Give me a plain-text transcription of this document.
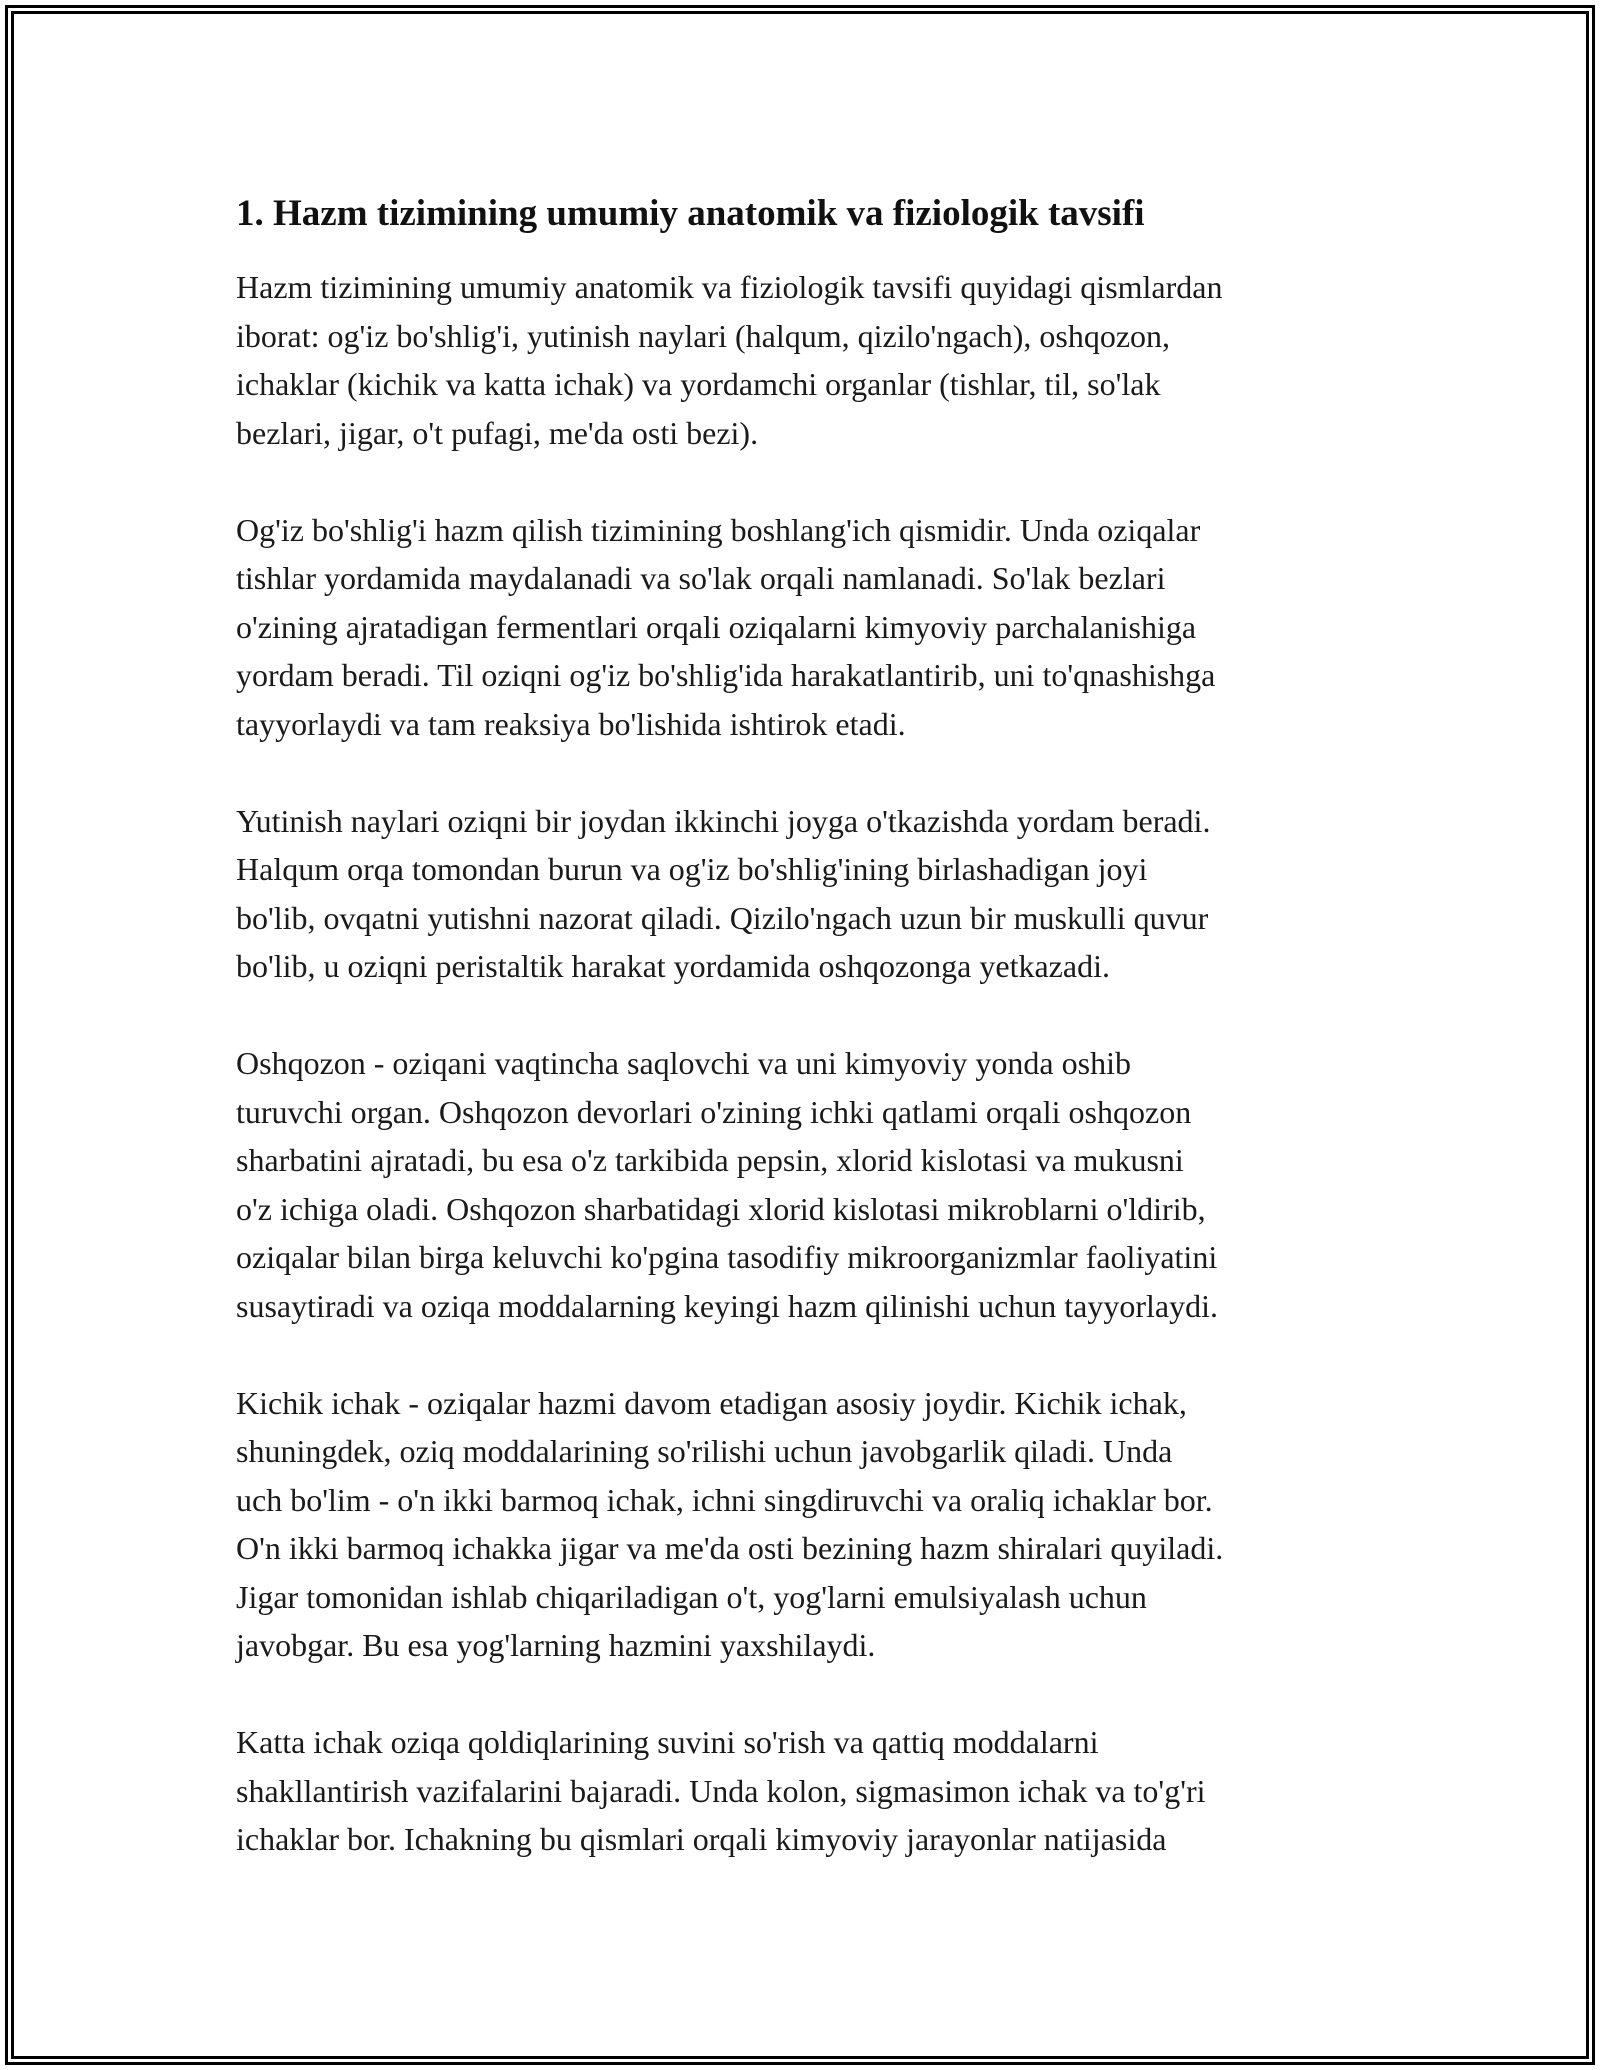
1. Hazm tizimining umumiy anatomik va fiziologik tavsifi
Hazm tizimining umumiy anatomik va fiziologik tavsifi quyidagi qismlardan
iborat: og'iz bo'shlig'i, yutinish naylari (halqum, qizilo'ngach), oshqozon,
ichaklar (kichik va katta ichak) va yordamchi organlar (tishlar, til, so'lak
bezlari, jigar, o't pufagi, me'da osti bezi).
Og'iz bo'shlig'i hazm qilish tizimining boshlang'ich qismidir. Unda oziqalar
tishlar yordamida maydalanadi va so'lak orqali namlanadi. So'lak bezlari
o'zining ajratadigan fermentlari orqali oziqalarni kimyoviy parchalanishiga
yordam beradi. Til oziqni og'iz bo'shlig'ida harakatlantirib, uni to'qnashishga
tayyorlaydi va tam reaksiya bo'lishida ishtirok etadi.
Yutinish naylari oziqni bir joydan ikkinchi joyga o'tkazishda yordam beradi.
Halqum orqa tomondan burun va og'iz bo'shlig'ining birlashadigan joyi
bo'lib, ovqatni yutishni nazorat qiladi. Qizilo'ngach uzun bir muskulli quvur
bo'lib, u oziqni peristaltik harakat yordamida oshqozonga yetkazadi.
Oshqozon - oziqani vaqtincha saqlovchi va uni kimyoviy yonda oshib
turuvchi organ. Oshqozon devorlari o'zining ichki qatlami orqali oshqozon
sharbatini ajratadi, bu esa o'z tarkibida pepsin, xlorid kislotasi va mukusni
o'z ichiga oladi. Oshqozon sharbatidagi xlorid kislotasi mikroblarni o'ldirib,
oziqalar bilan birga keluvchi ko'pgina tasodifiy mikroorganizmlar faoliyatini
susaytiradi va oziqa moddalarning keyingi hazm qilinishi uchun tayyorlaydi.
Kichik ichak - oziqalar hazmi davom etadigan asosiy joydir. Kichik ichak,
shuningdek, oziq moddalarining so'rilishi uchun javobgarlik qiladi. Unda
uch bo'lim - o'n ikki barmoq ichak, ichni singdiruvchi va oraliq ichaklar bor.
O'n ikki barmoq ichakka jigar va me'da osti bezining hazm shiralari quyiladi.
Jigar tomonidan ishlab chiqariladigan o't, yog'larni emulsiyalash uchun
javobgar. Bu esa yog'larning hazmini yaxshilaydi.
Katta ichak oziqa qoldiqlarining suvini so'rish va qattiq moddalarni
shakllantirish vazifalarini bajaradi. Unda kolon, sigmasimon ichak va to'g'ri
ichaklar bor. Ichakning bu qismlari orqali kimyoviy jarayonlar natijasida
